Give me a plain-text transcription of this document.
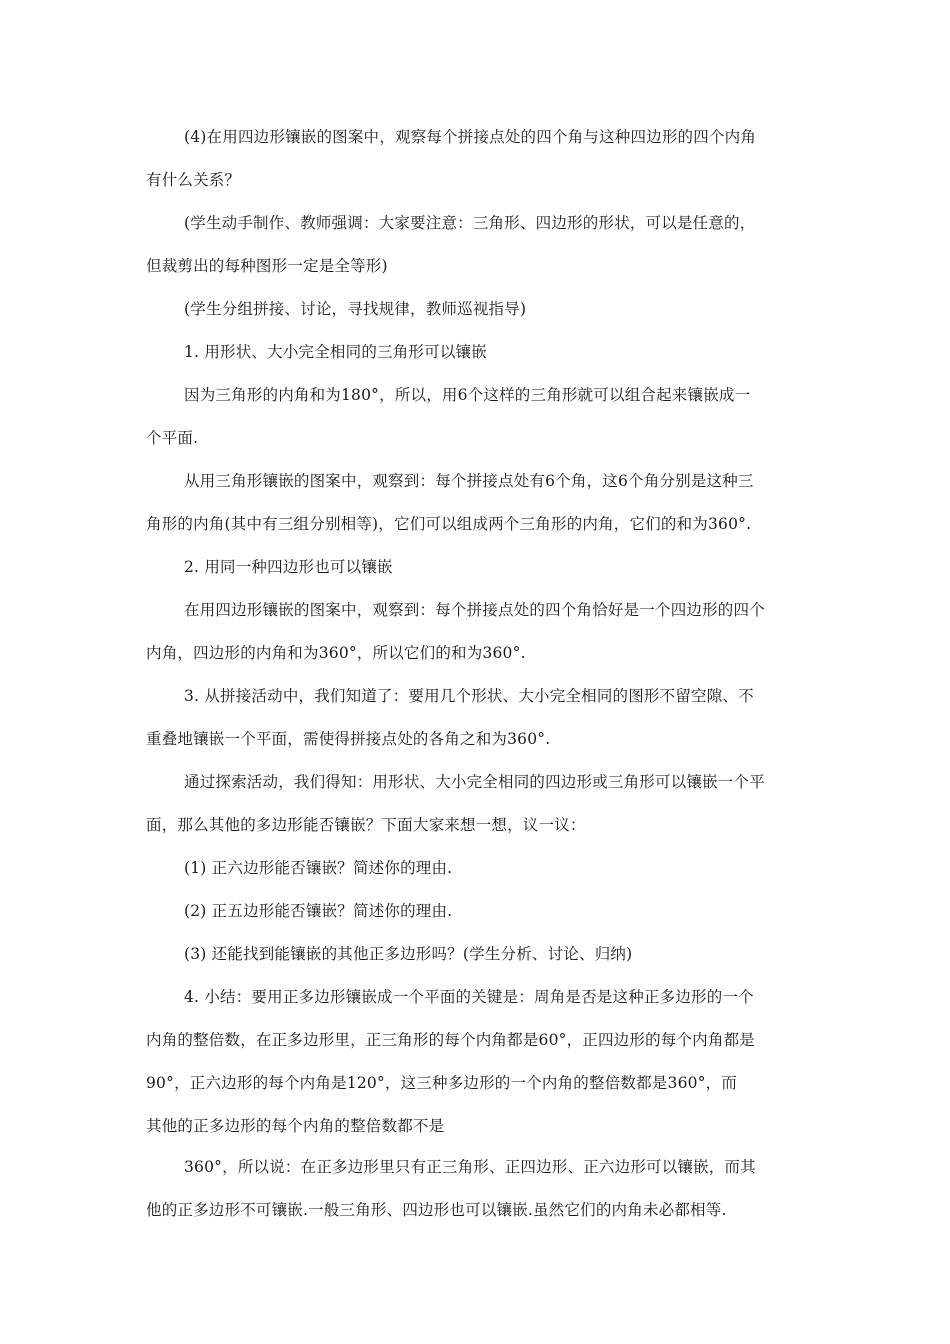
(4)在用四边形镶嵌的图案中，观察每个拼接点处的四个角与这种四边形的四个内角
有什么关系？
(学生动手制作、教师强调：大家要注意：三角形、四边形的形状，可以是任意的，
但裁剪出的每种图形一定是全等形)
(学生分组拼接、讨论，寻找规律，教师巡视指导)
1. 用形状、大小完全相同的三角形可以镶嵌
因为三角形的内角和为180°，所以，用6个这样的三角形就可以组合起来镶嵌成一
个平面.
从用三角形镶嵌的图案中，观察到：每个拼接点处有6个角，这6个角分别是这种三
角形的内角(其中有三组分别相等)，它们可以组成两个三角形的内角，它们的和为360°.
2. 用同一种四边形也可以镶嵌
在用四边形镶嵌的图案中，观察到：每个拼接点处的四个角恰好是一个四边形的四个
内角，四边形的内角和为360°，所以它们的和为360°.
3. 从拼接活动中，我们知道了：要用几个形状、大小完全相同的图形不留空隙、不
重叠地镶嵌一个平面，需使得拼接点处的各角之和为360°.
通过探索活动，我们得知：用形状、大小完全相同的四边形或三角形可以镶嵌一个平
面，那么其他的多边形能否镶嵌？下面大家来想一想，议一议：
(1) 正六边形能否镶嵌？简述你的理由.
(2) 正五边形能否镶嵌？简述你的理由.
(3) 还能找到能镶嵌的其他正多边形吗？(学生分析、讨论、归纳)
4. 小结：要用正多边形镶嵌成一个平面的关键是：周角是否是这种正多边形的一个
内角的整倍数，在正多边形里，正三角形的每个内角都是60°，正四边形的每个内角都是
90°，正六边形的每个内角是120°，这三种多边形的一个内角的整倍数都是360°，而
其他的正多边形的每个内角的整倍数都不是
360°，所以说：在正多边形里只有正三角形、正四边形、正六边形可以镶嵌，而其
他的正多边形不可镶嵌.一般三角形、四边形也可以镶嵌.虽然它们的内角未必都相等.
